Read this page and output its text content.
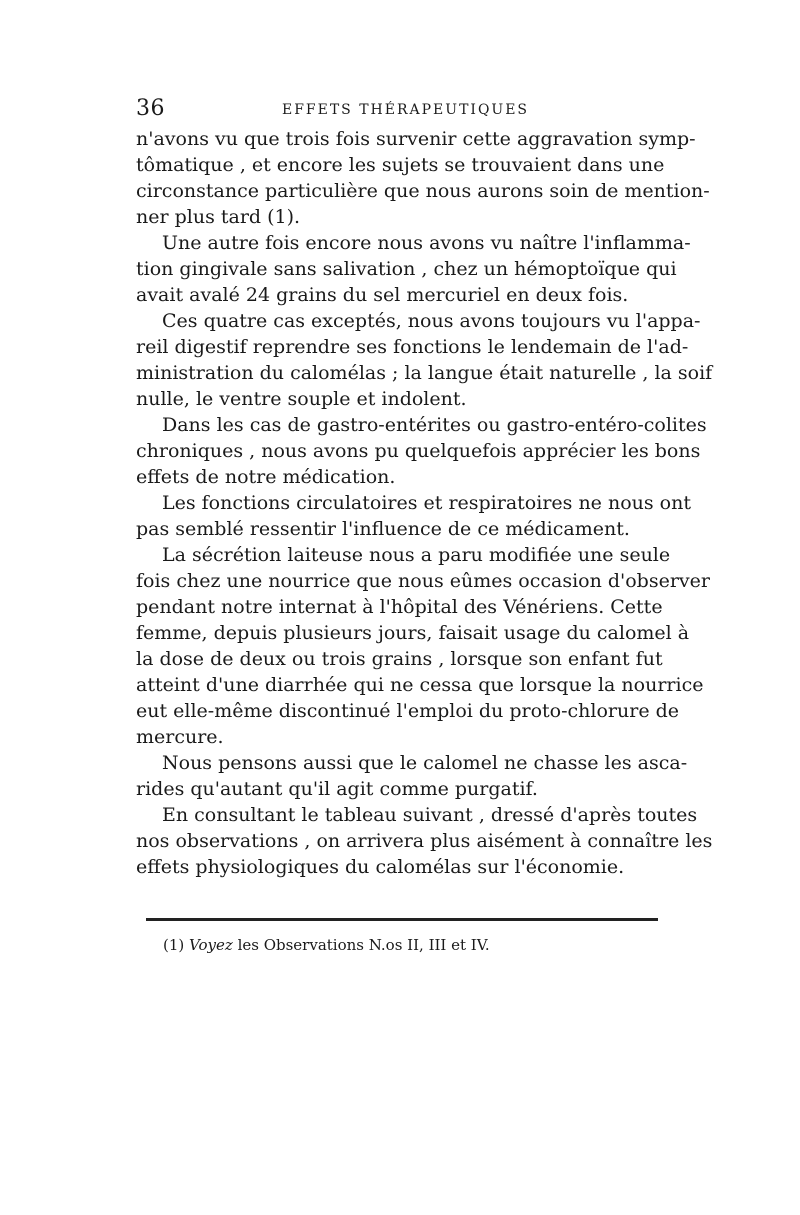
36	EFFETS THÉRAPEUTIQUES
n'avons vu que trois fois survenir cette aggravation symp-
tômatique , et encore les sujets se trouvaient dans une
circonstance particulière que nous aurons soin de mention-
ner plus tard (1).
Une autre fois encore nous avons vu naître l'inflamma-
tion gingivale sans salivation , chez un hémoptoïque qui
avait avalé 24 grains du sel mercuriel en deux fois.
Ces quatre cas exceptés, nous avons toujours vu l'appa-
reil digestif reprendre ses fonctions le lendemain de l'ad-
ministration du calomélas ; la langue était naturelle , la soif
nulle, le ventre souple et indolent.
Dans les cas de gastro-entérites ou gastro-entéro-colites
chroniques , nous avons pu quelquefois apprécier les bons
effets de notre médication.
Les fonctions circulatoires et respiratoires ne nous ont
pas semblé ressentir l'influence de ce médicament.
La sécrétion laiteuse nous a paru modifiée une seule
fois chez une nourrice que nous eûmes occasion d'observer
pendant notre internat à l'hôpital des Vénériens. Cette
femme, depuis plusieurs jours, faisait usage du calomel à
la dose de deux ou trois grains , lorsque son enfant fut
atteint d'une diarrhée qui ne cessa que lorsque la nourrice
eut elle-même discontinué l'emploi du proto-chlorure de
mercure.
Nous pensons aussi que le calomel ne chasse les asca-
rides qu'autant qu'il agit comme purgatif.
En consultant le tableau suivant , dressé d'après toutes
nos observations , on arrivera plus aisément à connaître les
effets physiologiques du calomélas sur l'économie.
(1) Voyez les Observations N.os II, III et IV.
